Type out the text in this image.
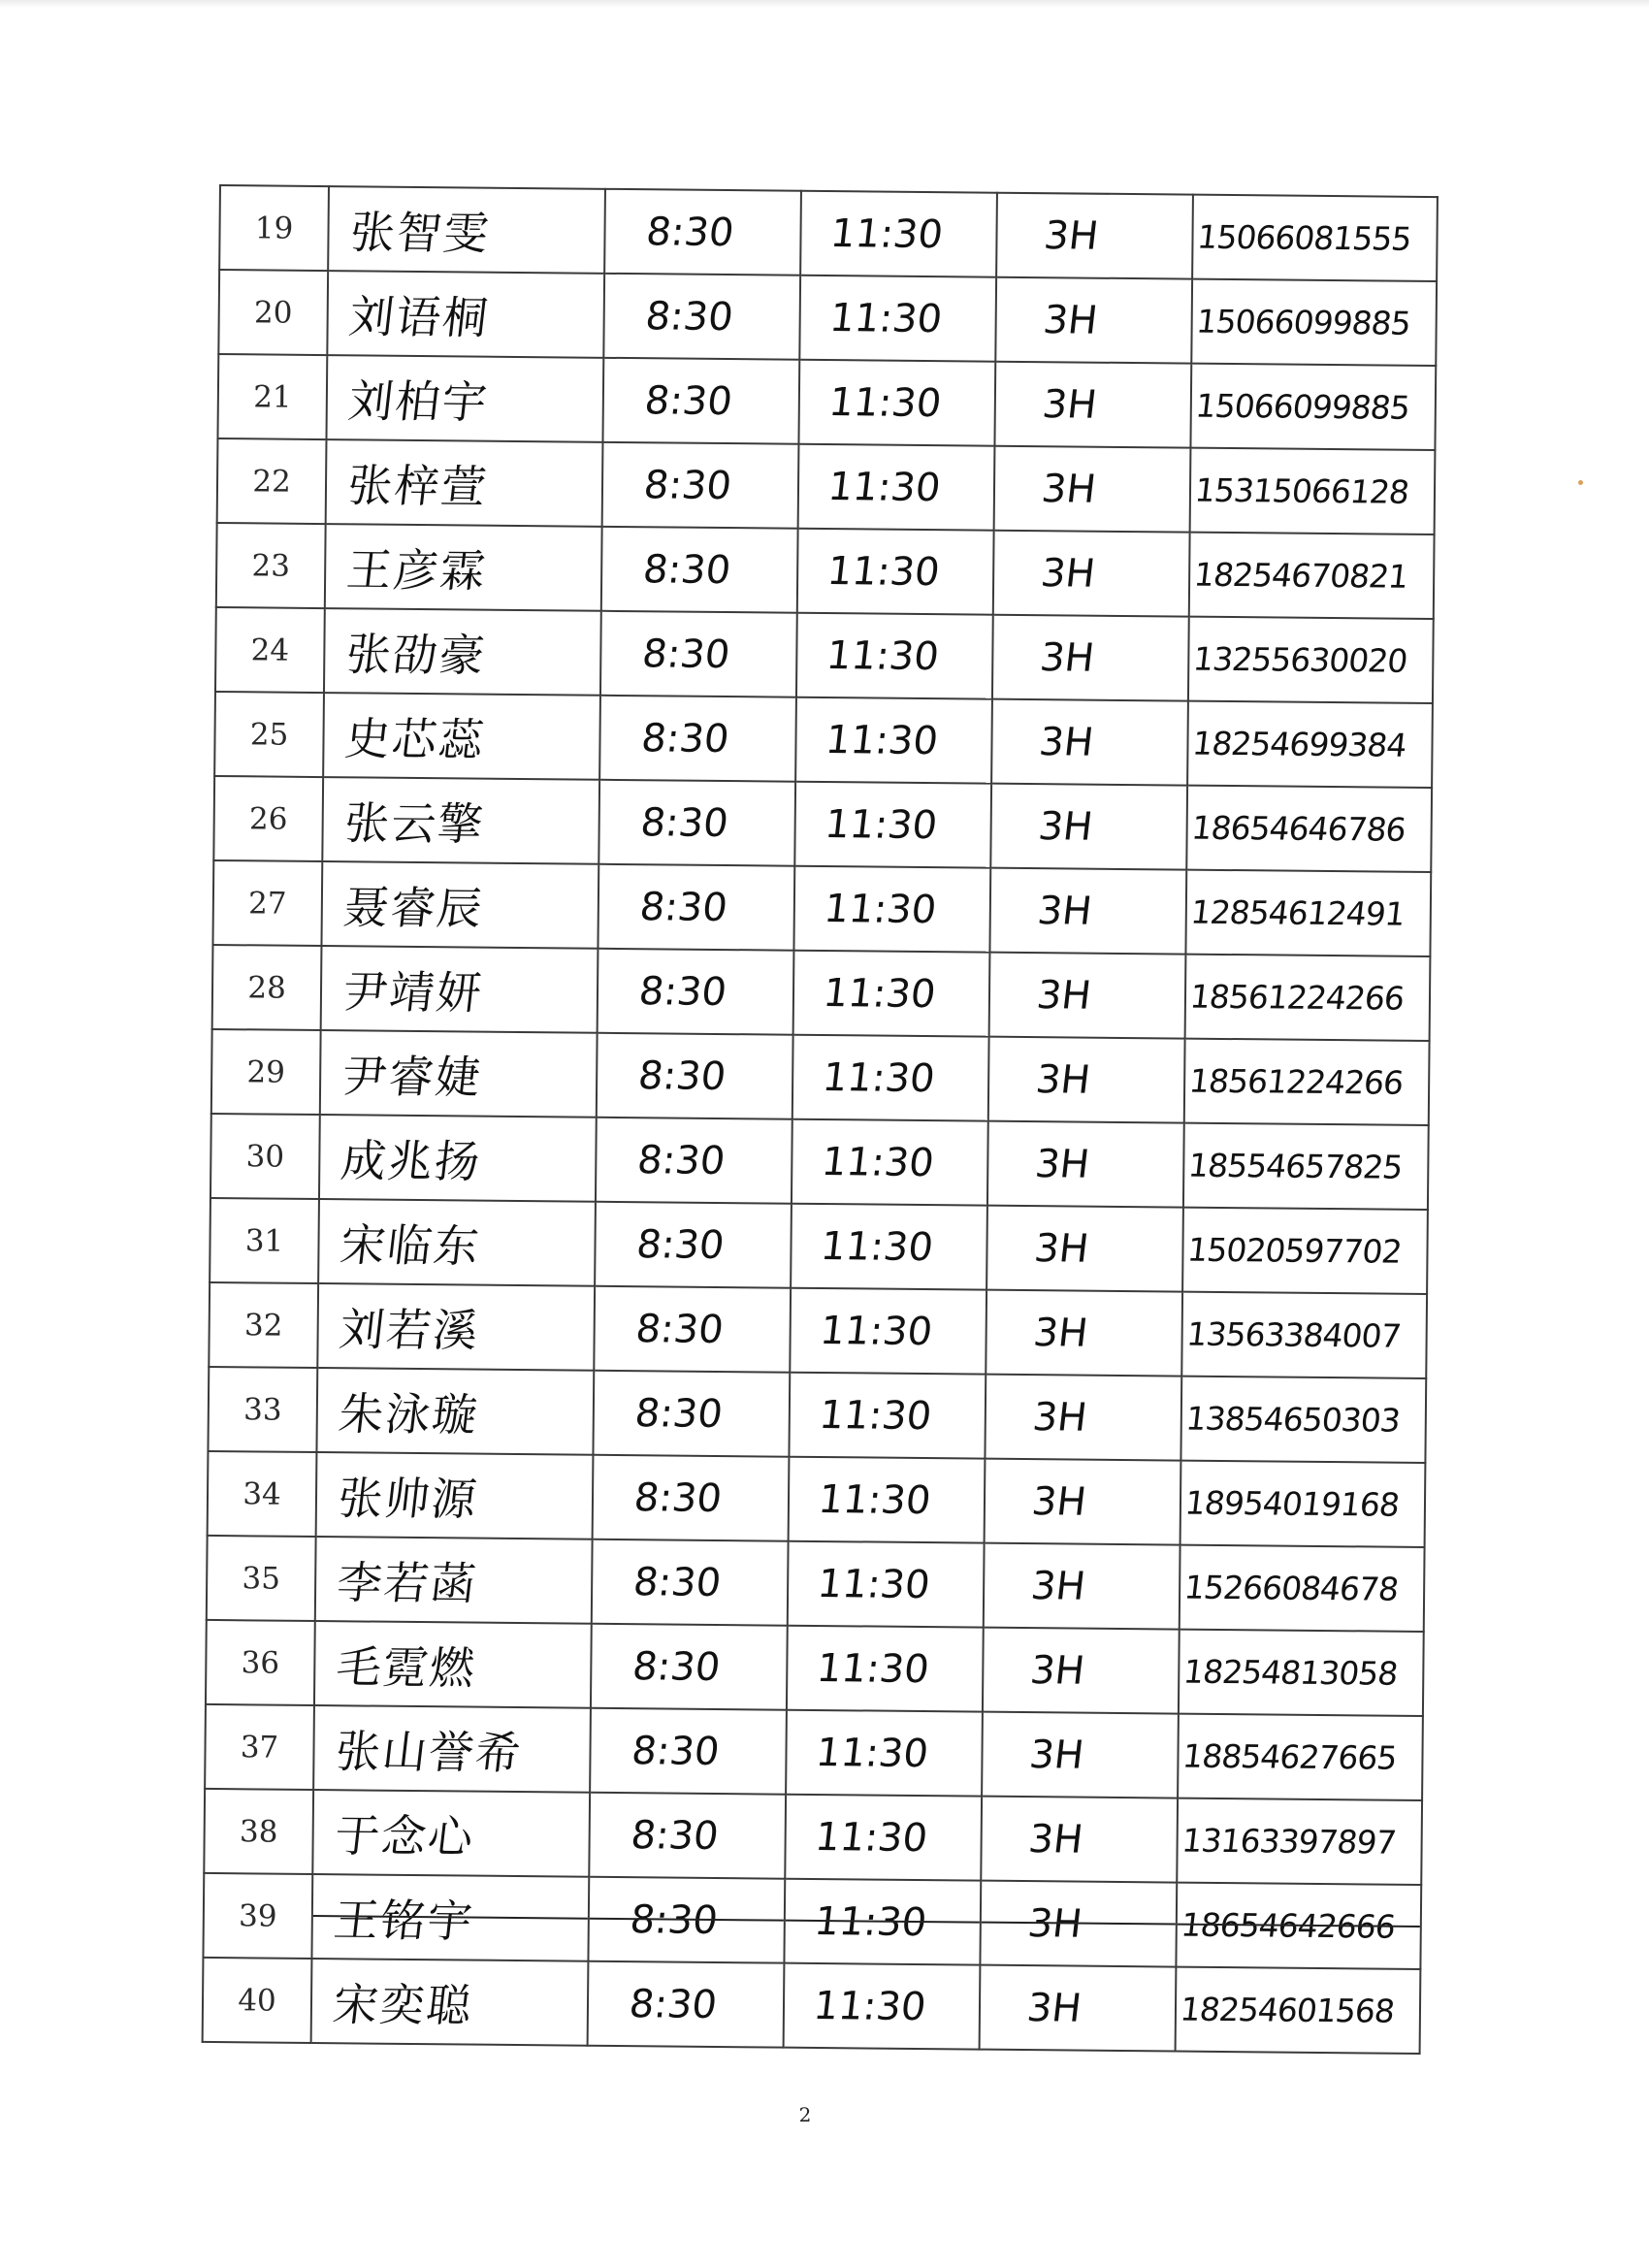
19	张智雯	8:30	11:30	3H	15066081555
20	刘语桐	8:30	11:30	3H	15066099885
21	刘柏宇	8:30	11:30	3H	15066099885
22	张梓萱	8:30	11:30	3H	15315066128
23	王彦霖	8:30	11:30	3H	18254670821
24	张劭豪	8:30	11:30	3H	13255630020
25	史芯蕊	8:30	11:30	3H	18254699384
26	张云擎	8:30	11:30	3H	18654646786
27	聂睿辰	8:30	11:30	3H	12854612491
28	尹靖妍	8:30	11:30	3H	18561224266
29	尹睿婕	8:30	11:30	3H	18561224266
30	成兆扬	8:30	11:30	3H	18554657825
31	宋临东	8:30	11:30	3H	15020597702
32	刘若溪	8:30	11:30	3H	13563384007
33	朱泳璇	8:30	11:30	3H	13854650303
34	张帅源	8:30	11:30	3H	18954019168
35	李若菡	8:30	11:30	3H	15266084678
36	毛霓燃	8:30	11:30	3H	18254813058
37	张山誉希	8:30	11:30	3H	18854627665
38	于念心	8:30	11:30	3H	13163397897
39	王铭宇	8:30	11:30	3H	18654642666
40	宋奕聪	8:30	11:30	3H	18254601568
2
